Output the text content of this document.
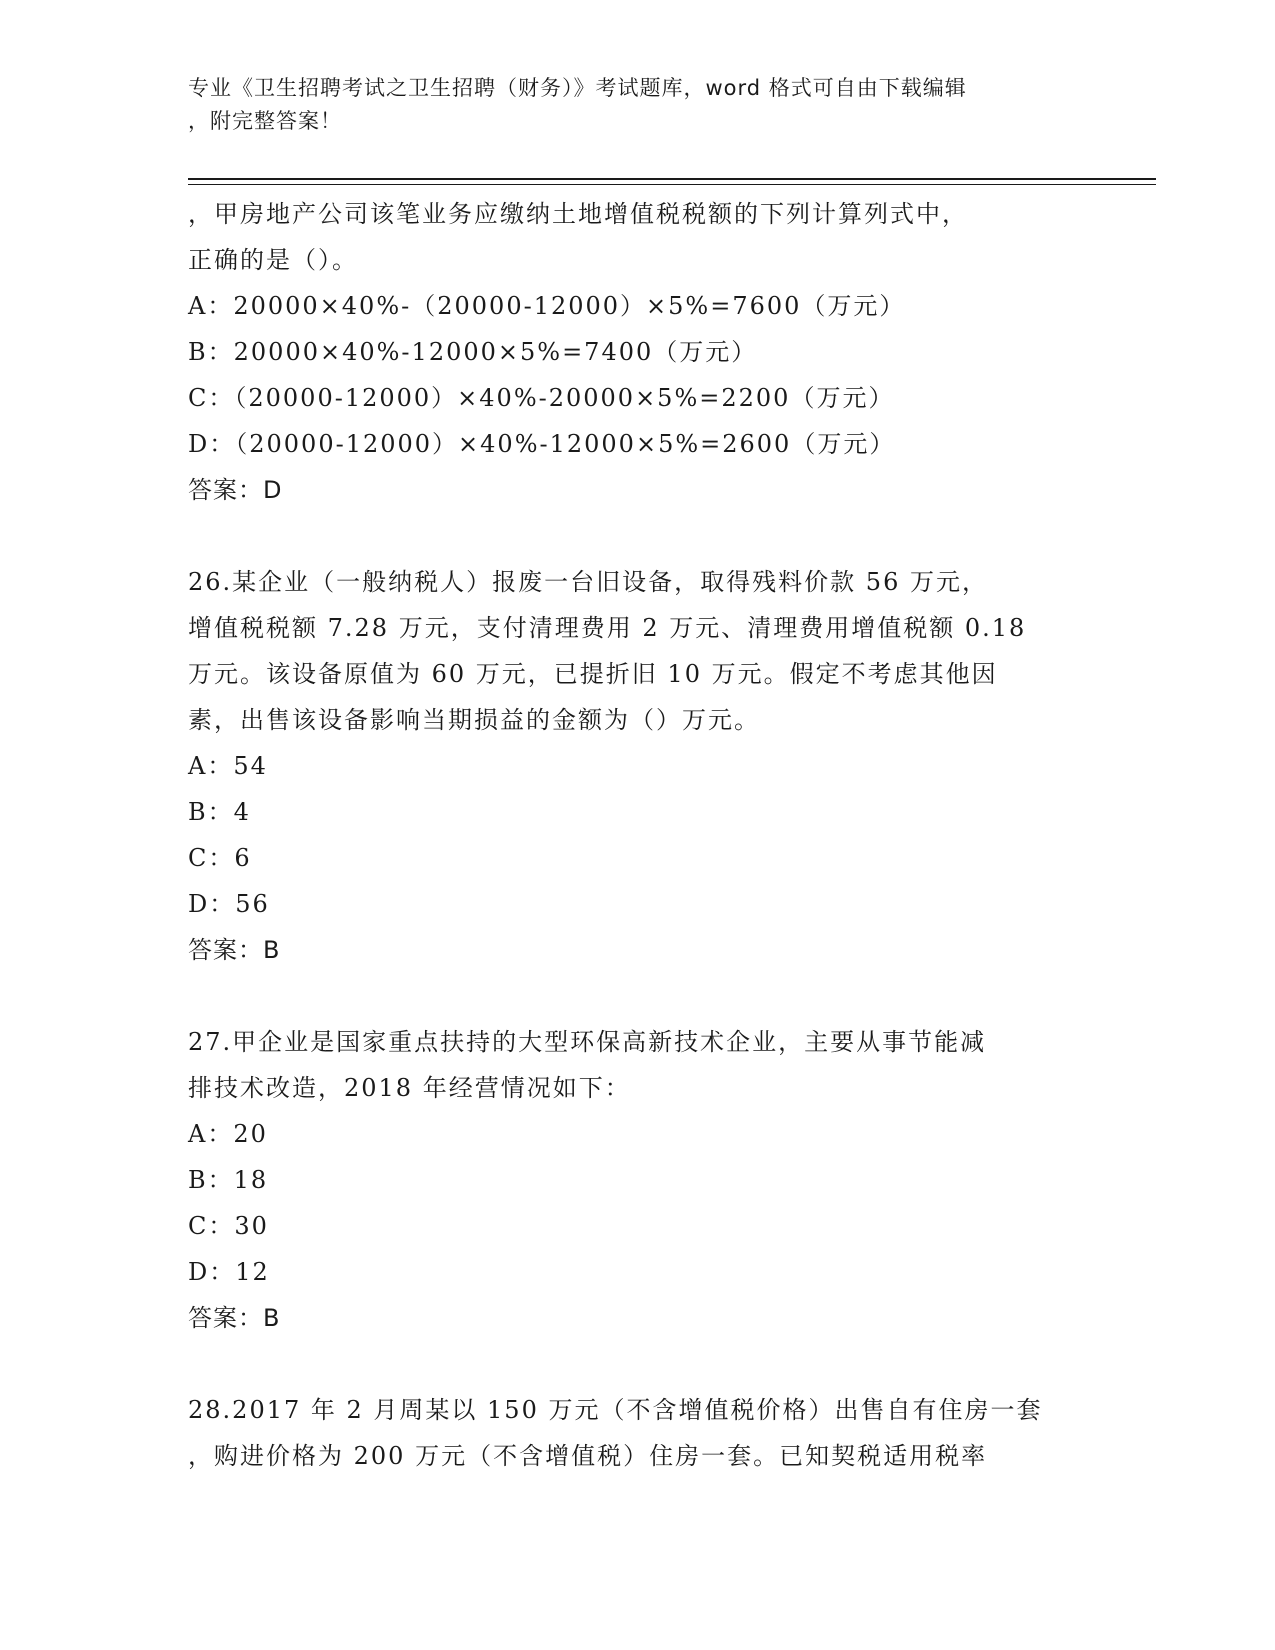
专业《卫生招聘考试之卫生招聘（财务）》考试题库，word 格式可自由下载编辑

，附完整答案！

，甲房地产公司该笔业务应缴纳土地增值税税额的下列计算列式中，
正确的是（）。
A：20000×40%-（20000-12000）×5%=7600（万元）
B：20000×40%-12000×5%=7400（万元）
C：（20000-12000）×40%-20000×5%=2200（万元）
D：（20000-12000）×40%-12000×5%=2600（万元）
答案：D
26.某企业（一般纳税人）报废一台旧设备，取得残料价款 56 万元，
增值税税额 7.28 万元，支付清理费用 2 万元、清理费用增值税额 0.18
万元。该设备原值为 60 万元，已提折旧 10 万元。假定不考虑其他因
素，出售该设备影响当期损益的金额为（）万元。
A：54
B：4
C：6
D：56
答案：B
27.甲企业是国家重点扶持的大型环保高新技术企业，主要从事节能减
排技术改造，2018 年经营情况如下：
A：20
B：18
C：30
D：12
答案：B
28.2017 年 2 月周某以 150 万元（不含增值税价格）出售自有住房一套
，购进价格为 200 万元（不含增值税）住房一套。已知契税适用税率
